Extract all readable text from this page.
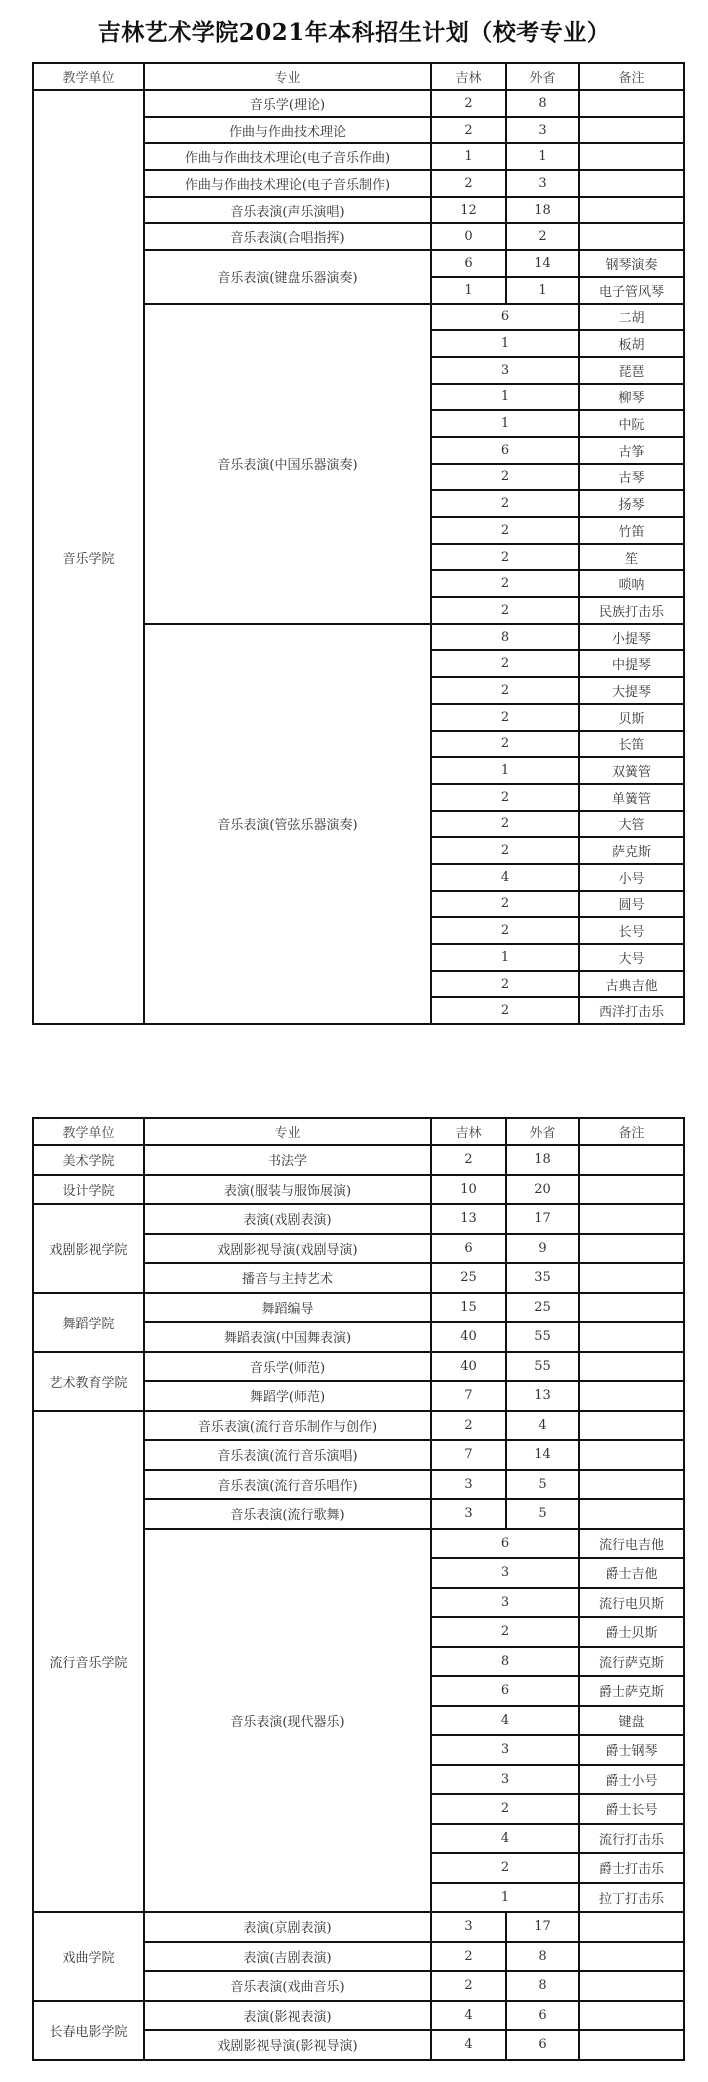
吉林艺术学院2021年本科招生计划（校考专业）
教学单位	专业	吉林	外省	备注
音乐学院	音乐学(理论)	2	8	
	作曲与作曲技术理论	2	3	
	作曲与作曲技术理论(电子音乐作曲)	1	1	
	作曲与作曲技术理论(电子音乐制作)	2	3	
	音乐表演(声乐演唱)	12	18	
	音乐表演(合唱指挥)	0	2	
	音乐表演(键盘乐器演奏)	6	14	钢琴演奏
		1	1	电子管风琴
	音乐表演(中国乐器演奏)	6		二胡
		1		板胡
		3		琵琶
		1		柳琴
		1		中阮
		6		古筝
		2		古琴
		2		扬琴
		2		竹笛
		2		笙
		2		唢呐
		2		民族打击乐
	音乐表演(管弦乐器演奏)	8		小提琴
		2		中提琴
		2		大提琴
		2		贝斯
		2		长笛
		1		双簧管
		2		单簧管
		2		大管
		2		萨克斯
		4		小号
		2		圆号
		2		长号
		1		大号
		2		古典吉他
		2		西洋打击乐
教学单位	专业	吉林	外省	备注
美术学院	书法学	2	18	
设计学院	表演(服装与服饰展演)	10	20	
戏剧影视学院	表演(戏剧表演)	13	17	
	戏剧影视导演(戏剧导演)	6	9	
	播音与主持艺术	25	35	
舞蹈学院	舞蹈编导	15	25	
	舞蹈表演(中国舞表演)	40	55	
艺术教育学院	音乐学(师范)	40	55	
	舞蹈学(师范)	7	13	
流行音乐学院	音乐表演(流行音乐制作与创作)	2	4	
	音乐表演(流行音乐演唱)	7	14	
	音乐表演(流行音乐唱作)	3	5	
	音乐表演(流行歌舞)	3	5	
	音乐表演(现代器乐)	6		流行电吉他
		3		爵士吉他
		3		流行电贝斯
		2		爵士贝斯
		8		流行萨克斯
		6		爵士萨克斯
		4		键盘
		3		爵士钢琴
		3		爵士小号
		2		爵士长号
		4		流行打击乐
		2		爵士打击乐
		1		拉丁打击乐
戏曲学院	表演(京剧表演)	3	17	
	表演(吉剧表演)	2	8	
	音乐表演(戏曲音乐)	2	8	
长春电影学院	表演(影视表演)	4	6	
	戏剧影视导演(影视导演)	4	6	
